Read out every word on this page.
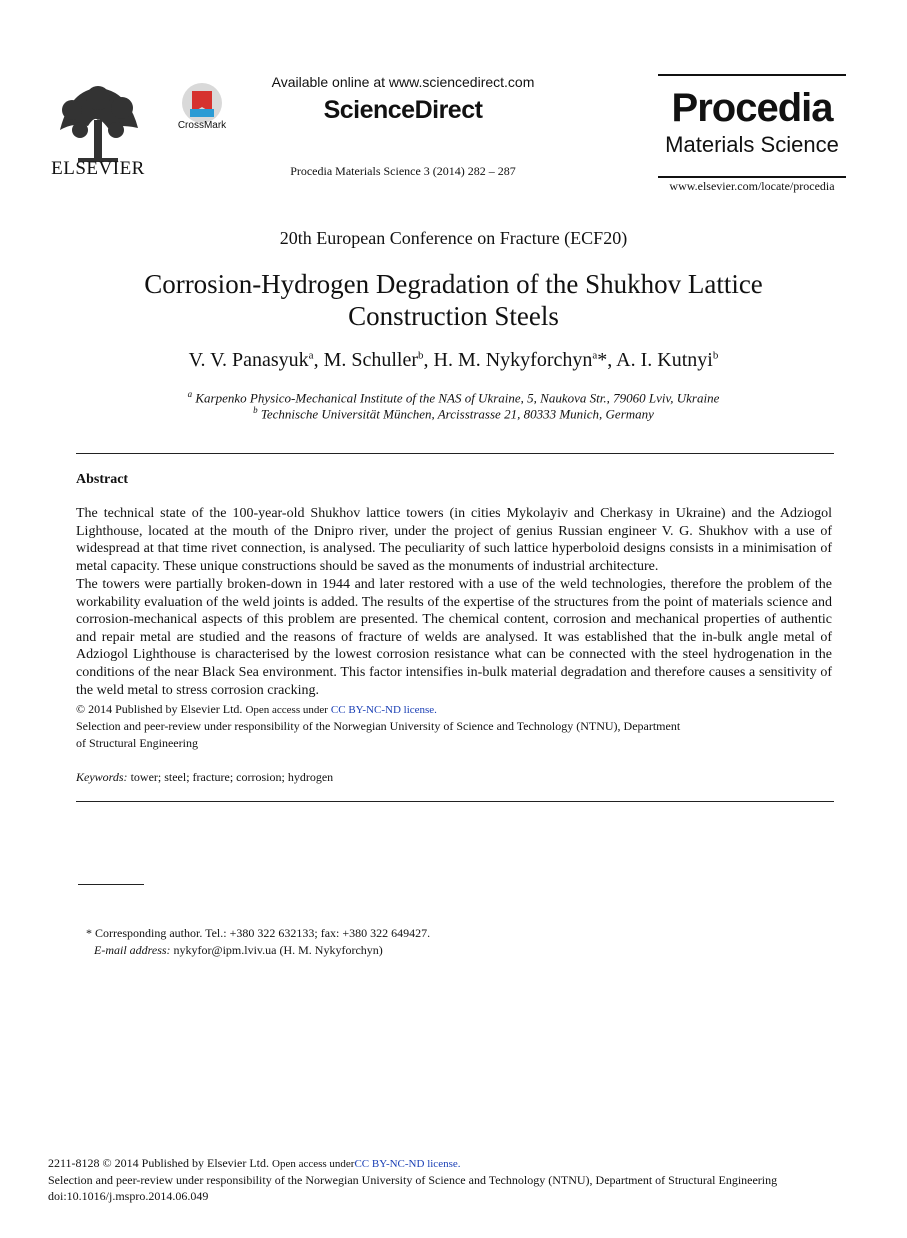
ELSEVIER
CrossMark
Available online at www.sciencedirect.com
ScienceDirect
Procedia Materials Science 3 (2014) 282 – 287
Procedia
Materials Science
www.elsevier.com/locate/procedia
20th European Conference on Fracture (ECF20)
Corrosion-Hydrogen Degradation of the Shukhov Lattice
Construction Steels
V. V. Panasyuk$^a$, M. Schuller$^b$, H. M. Nykyforchyn$^a$*, A. I. Kutnyi$^b$
$^a$ Karpenko Physico-Mechanical Institute of the NAS of Ukraine, 5, Naukova Str., 79060 Lviv, Ukraine
$^b$ Technische Universität München, Arcisstrasse 21, 80333 Munich, Germany
Abstract
The technical state of the 100-year-old Shukhov lattice towers (in cities Mykolayiv and Cherkasy in Ukraine) and the Adziogol Lighthouse, located at the mouth of the Dnipro river, under the project of genius Russian engineer V. G. Shukhov with a use of widespread at that time rivet connection, is analysed. The peculiarity of such lattice hyperboloid designs consists in a minimisation of metal capacity. These unique constructions should be saved as the monuments of industrial architecture.
The towers were partially broken-down in 1944 and later restored with a use of the weld technologies, therefore the problem of the workability evaluation of the weld joints is added. The results of the expertise of the structures from the point of materials science and corrosion-mechanical aspects of this problem are presented. The chemical content, corrosion and mechanical properties of authentic and repair metal are studied and the reasons of fracture of welds are analysed. It was established that the in-bulk angle metal of Adziogol Lighthouse is characterised by the lowest corrosion resistance what can be connected with the steel hydrogenation in the conditions of the near Black Sea environment. This factor intensifies in-bulk material degradation and therefore causes a sensitivity of the weld metal to stress corrosion cracking.
© 2014 Published by Elsevier Ltd. Open access under CC BY-NC-ND license.
Selection and peer-review under responsibility of the Norwegian University of Science and Technology (NTNU), Department
of Structural Engineering
Keywords: tower; steel; fracture; corrosion; hydrogen
* Corresponding author. Tel.: +380 322 632133; fax: +380 322 649427.
E-mail address: nykyfor@ipm.lviv.ua (H. M. Nykyforchyn)
2211-8128 © 2014 Published by Elsevier Ltd. Open access underCC BY-NC-ND license.
Selection and peer-review under responsibility of the Norwegian University of Science and Technology (NTNU), Department of Structural Engineering
doi:10.1016/j.mspro.2014.06.049
